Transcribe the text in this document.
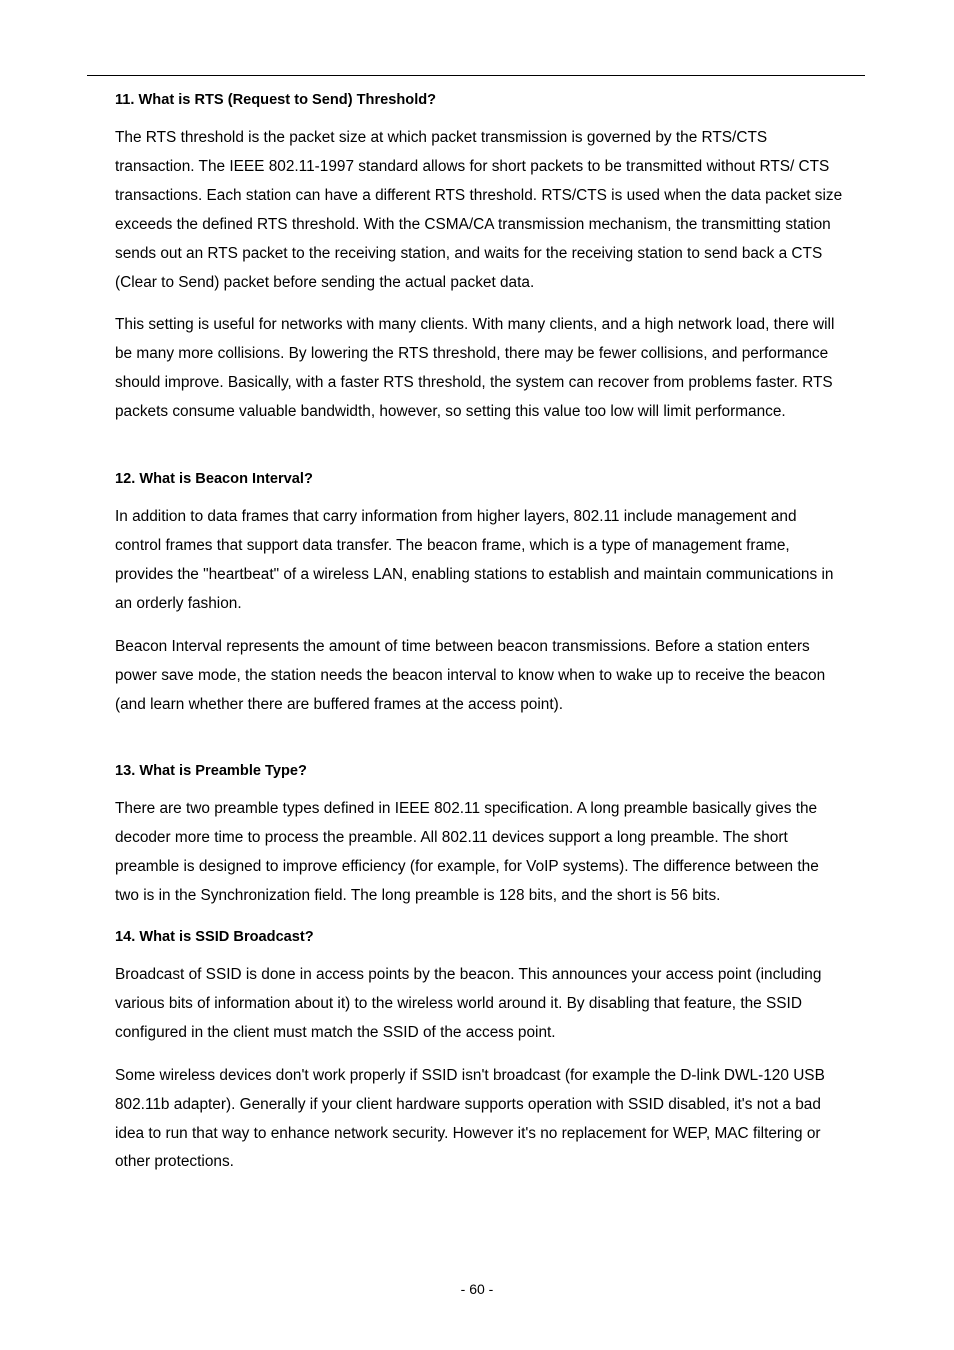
11. What is RTS (Request to Send) Threshold?

The RTS threshold is the packet size at which packet transmission is governed by the RTS/CTS transaction. The IEEE 802.11-1997 standard allows for short packets to be transmitted without RTS/ CTS transactions. Each station can have a different RTS threshold. RTS/CTS is used when the data packet size exceeds the defined RTS threshold. With the CSMA/CA transmission mechanism, the transmitting station sends out an RTS packet to the receiving station, and waits for the receiving station to send back a CTS (Clear to Send) packet before sending the actual packet data.

This setting is useful for networks with many clients. With many clients, and a high network load, there will be many more collisions. By lowering the RTS threshold, there may be fewer collisions, and performance should improve. Basically, with a faster RTS threshold, the system can recover from problems faster. RTS packets consume valuable bandwidth, however, so setting this value too low will limit performance.

12. What is Beacon Interval?

In addition to data frames that carry information from higher layers, 802.11 include management and control frames that support data transfer. The beacon frame, which is a type of management frame, provides the "heartbeat" of a wireless LAN, enabling stations to establish and maintain communications in an orderly fashion.

Beacon Interval represents the amount of time between beacon transmissions. Before a station enters power save mode, the station needs the beacon interval to know when to wake up to receive the beacon (and learn whether there are buffered frames at the access point).

13. What is Preamble Type?

There are two preamble types defined in IEEE 802.11 specification. A long preamble basically gives the decoder more time to process the preamble. All 802.11 devices support a long preamble. The short preamble is designed to improve efficiency (for example, for VoIP systems). The difference between the two is in the Synchronization field. The long preamble is 128 bits, and the short is 56 bits.

14. What is SSID Broadcast?

Broadcast of SSID is done in access points by the beacon. This announces your access point (including various bits of information about it) to the wireless world around it. By disabling that feature, the SSID configured in the client must match the SSID of the access point.

Some wireless devices don't work properly if SSID isn't broadcast (for example the D-link DWL-120 USB 802.11b adapter). Generally if your client hardware supports operation with SSID disabled, it's not a bad idea to run that way to enhance network security. However it's no replacement for WEP, MAC filtering or other protections.

- 60 -
